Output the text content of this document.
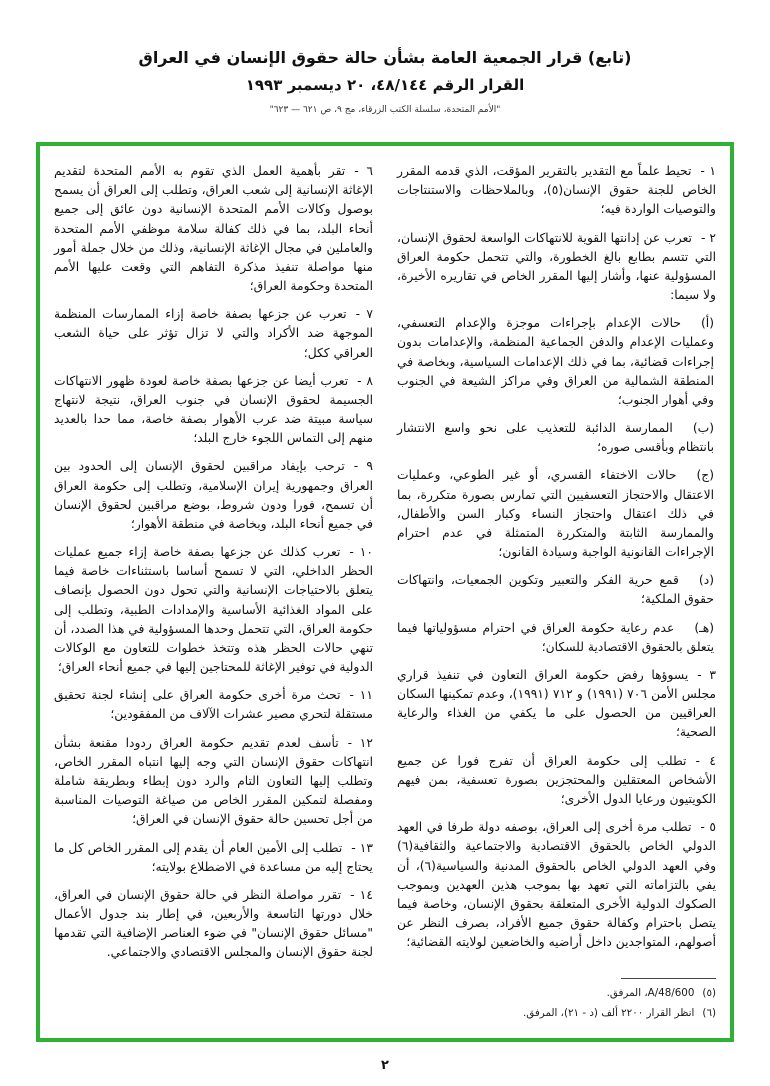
(تابع) قرار الجمعية العامة بشأن حالة حقوق الإنسان في العراق
القرار الرقم ٤٨/١٤٤، ٢٠ ديسمبر ١٩٩٣
"الأمم المتحدة، سلسلة الكتب الزرقاء، مج ٩، ص ٦٢١ — ٦٢٣"

١ -تحيط علماً مع التقدير بالتقرير المؤقت، الذي قدمه المقرر الخاص للجنة حقوق الإنسان(٥)، وبالملاحظات والاستنتاجات والتوصيات الواردة فيه؛

٢ -تعرب عن إدانتها القوية للانتهاكات الواسعة لحقوق الإنسان، التي تتسم بطابع بالغ الخطورة، والتي تتحمل حكومة العراق المسؤولية عنها، وأشار إليها المقرر الخاص في تقاريره الأخيرة، ولا سيما:

(أ)حالات الإعدام بإجراءات موجزة والإعدام التعسفي، وعمليات الإعدام والدفن الجماعية المنظمة، والإعدامات بدون إجراءات قضائية، بما في ذلك الإعدامات السياسية، وبخاصة في المنطقة الشمالية من العراق وفي مراكز الشيعة في الجنوب وفي أهوار الجنوب؛

(ب)الممارسة الدائبة للتعذيب على نحو واسع الانتشار بانتظام وبأقسى صوره؛

(ج)حالات الاختفاء القسري، أو غير الطوعي، وعمليات الاعتقال والاحتجاز التعسفيين التي تمارس بصورة متكررة، بما في ذلك اعتقال واحتجاز النساء وكبار السن والأطفال، والممارسة الثابتة والمتكررة المتمثلة في عدم احترام الإجراءات القانونية الواجبة وسيادة القانون؛

(د)قمع حرية الفكر والتعبير وتكوين الجمعيات، وانتهاكات حقوق الملكية؛

(هـ)عدم رعاية حكومة العراق في احترام مسؤولياتها فيما يتعلق بالحقوق الاقتصادية للسكان؛

٣ -يسوؤها رفض حكومة العراق التعاون في تنفيذ قراري مجلس الأمن ٧٠٦ (١٩٩١) و ٧١٢ (١٩٩١)، وعدم تمكينها السكان العراقيين من الحصول على ما يكفي من الغذاء والرعاية الصحية؛

٤ -تطلب إلى حكومة العراق أن تفرج فورا عن جميع الأشخاص المعتقلين والمحتجزين بصورة تعسفية، بمن فيهم الكويتيون ورعايا الدول الأخرى؛

٥ -تطلب مرة أخرى إلى العراق، بوصفه دولة طرفا في العهد الدولي الخاص بالحقوق الاقتصادية والاجتماعية والثقافية(٦) وفي العهد الدولي الخاص بالحقوق المدنية والسياسية(٦)، أن يفي بالتزاماته التي تعهد بها بموجب هذين العهدين وبموجب الصكوك الدولية الأخرى المتعلقة بحقوق الإنسان، وخاصة فيما يتصل باحترام وكفالة حقوق جميع الأفراد، بصرف النظر عن أصولهم، المتواجدين داخل أراضيه والخاضعين لولايته القضائية؛

(٥)A/48/600، المرفق.

(٦)انظر القرار ٢٢٠٠ ألف (د - ٢١)، المرفق.

٦ -تقر بأهمية العمل الذي تقوم به الأمم المتحدة لتقديم الإغاثة الإنسانية إلى شعب العراق، وتطلب إلى العراق أن يسمح بوصول وكالات الأمم المتحدة الإنسانية دون عائق إلى جميع أنحاء البلد، بما في ذلك كفالة سلامة موظفي الأمم المتحدة والعاملين في مجال الإغاثة الإنسانية، وذلك من خلال جملة أمور منها مواصلة تنفيذ مذكرة التفاهم التي وقعت عليها الأمم المتحدة وحكومة العراق؛

٧ -تعرب عن جزعها بصفة خاصة إزاء الممارسات المنظمة الموجهة ضد الأكراد والتي لا تزال تؤثر على حياة الشعب العراقي ككل؛

٨ -تعرب أيضا عن جزعها بصفة خاصة لعودة ظهور الانتهاكات الجسيمة لحقوق الإنسان في جنوب العراق، نتيجة لانتهاج سياسة مبيتة ضد عرب الأهوار بصفة خاصة، مما حدا بالعديد منهم إلى التماس اللجوء خارج البلد؛

٩ -ترحب بإيفاد مراقبين لحقوق الإنسان إلى الحدود بين العراق وجمهورية إيران الإسلامية، وتطلب إلى حكومة العراق أن تسمح، فورا ودون شروط، بوضع مراقبين لحقوق الإنسان في جميع أنحاء البلد، وبخاصة في منطقة الأهوار؛

١٠ -تعرب كذلك عن جزعها بصفة خاصة إزاء جميع عمليات الحظر الداخلي، التي لا تسمح أساسا باستثناءات خاصة فيما يتعلق بالاحتياجات الإنسانية والتي تحول دون الحصول بإنصاف على المواد الغذائية الأساسية والإمدادات الطبية، وتطلب إلى حكومة العراق، التي تتحمل وحدها المسؤولية في هذا الصدد، أن تنهي حالات الحظر هذه وتتخذ خطوات للتعاون مع الوكالات الدولية في توفير الإغاثة للمحتاجين إليها في جميع أنحاء العراق؛

١١ -تحث مرة أخرى حكومة العراق على إنشاء لجنة تحقيق مستقلة لتحري مصير عشرات الآلاف من المفقودين؛

١٢ -تأسف لعدم تقديم حكومة العراق ردودا مقنعة بشأن انتهاكات حقوق الإنسان التي وجه إليها انتباه المقرر الخاص، وتطلب إليها التعاون التام والرد دون إبطاء وبطريقة شاملة ومفصلة لتمكين المقرر الخاص من صياغة التوصيات المناسبة من أجل تحسين حالة حقوق الإنسان في العراق؛

١٣ -تطلب إلى الأمين العام أن يقدم إلى المقرر الخاص كل ما يحتاج إليه من مساعدة في الاضطلاع بولايته؛

١٤ -تقرر مواصلة النظر في حالة حقوق الإنسان في العراق، خلال دورتها التاسعة والأربعين، في إطار بند جدول الأعمال "مسائل حقوق الإنسان" في ضوء العناصر الإضافية التي تقدمها لجنة حقوق الإنسان والمجلس الاقتصادي والاجتماعي.

٢
